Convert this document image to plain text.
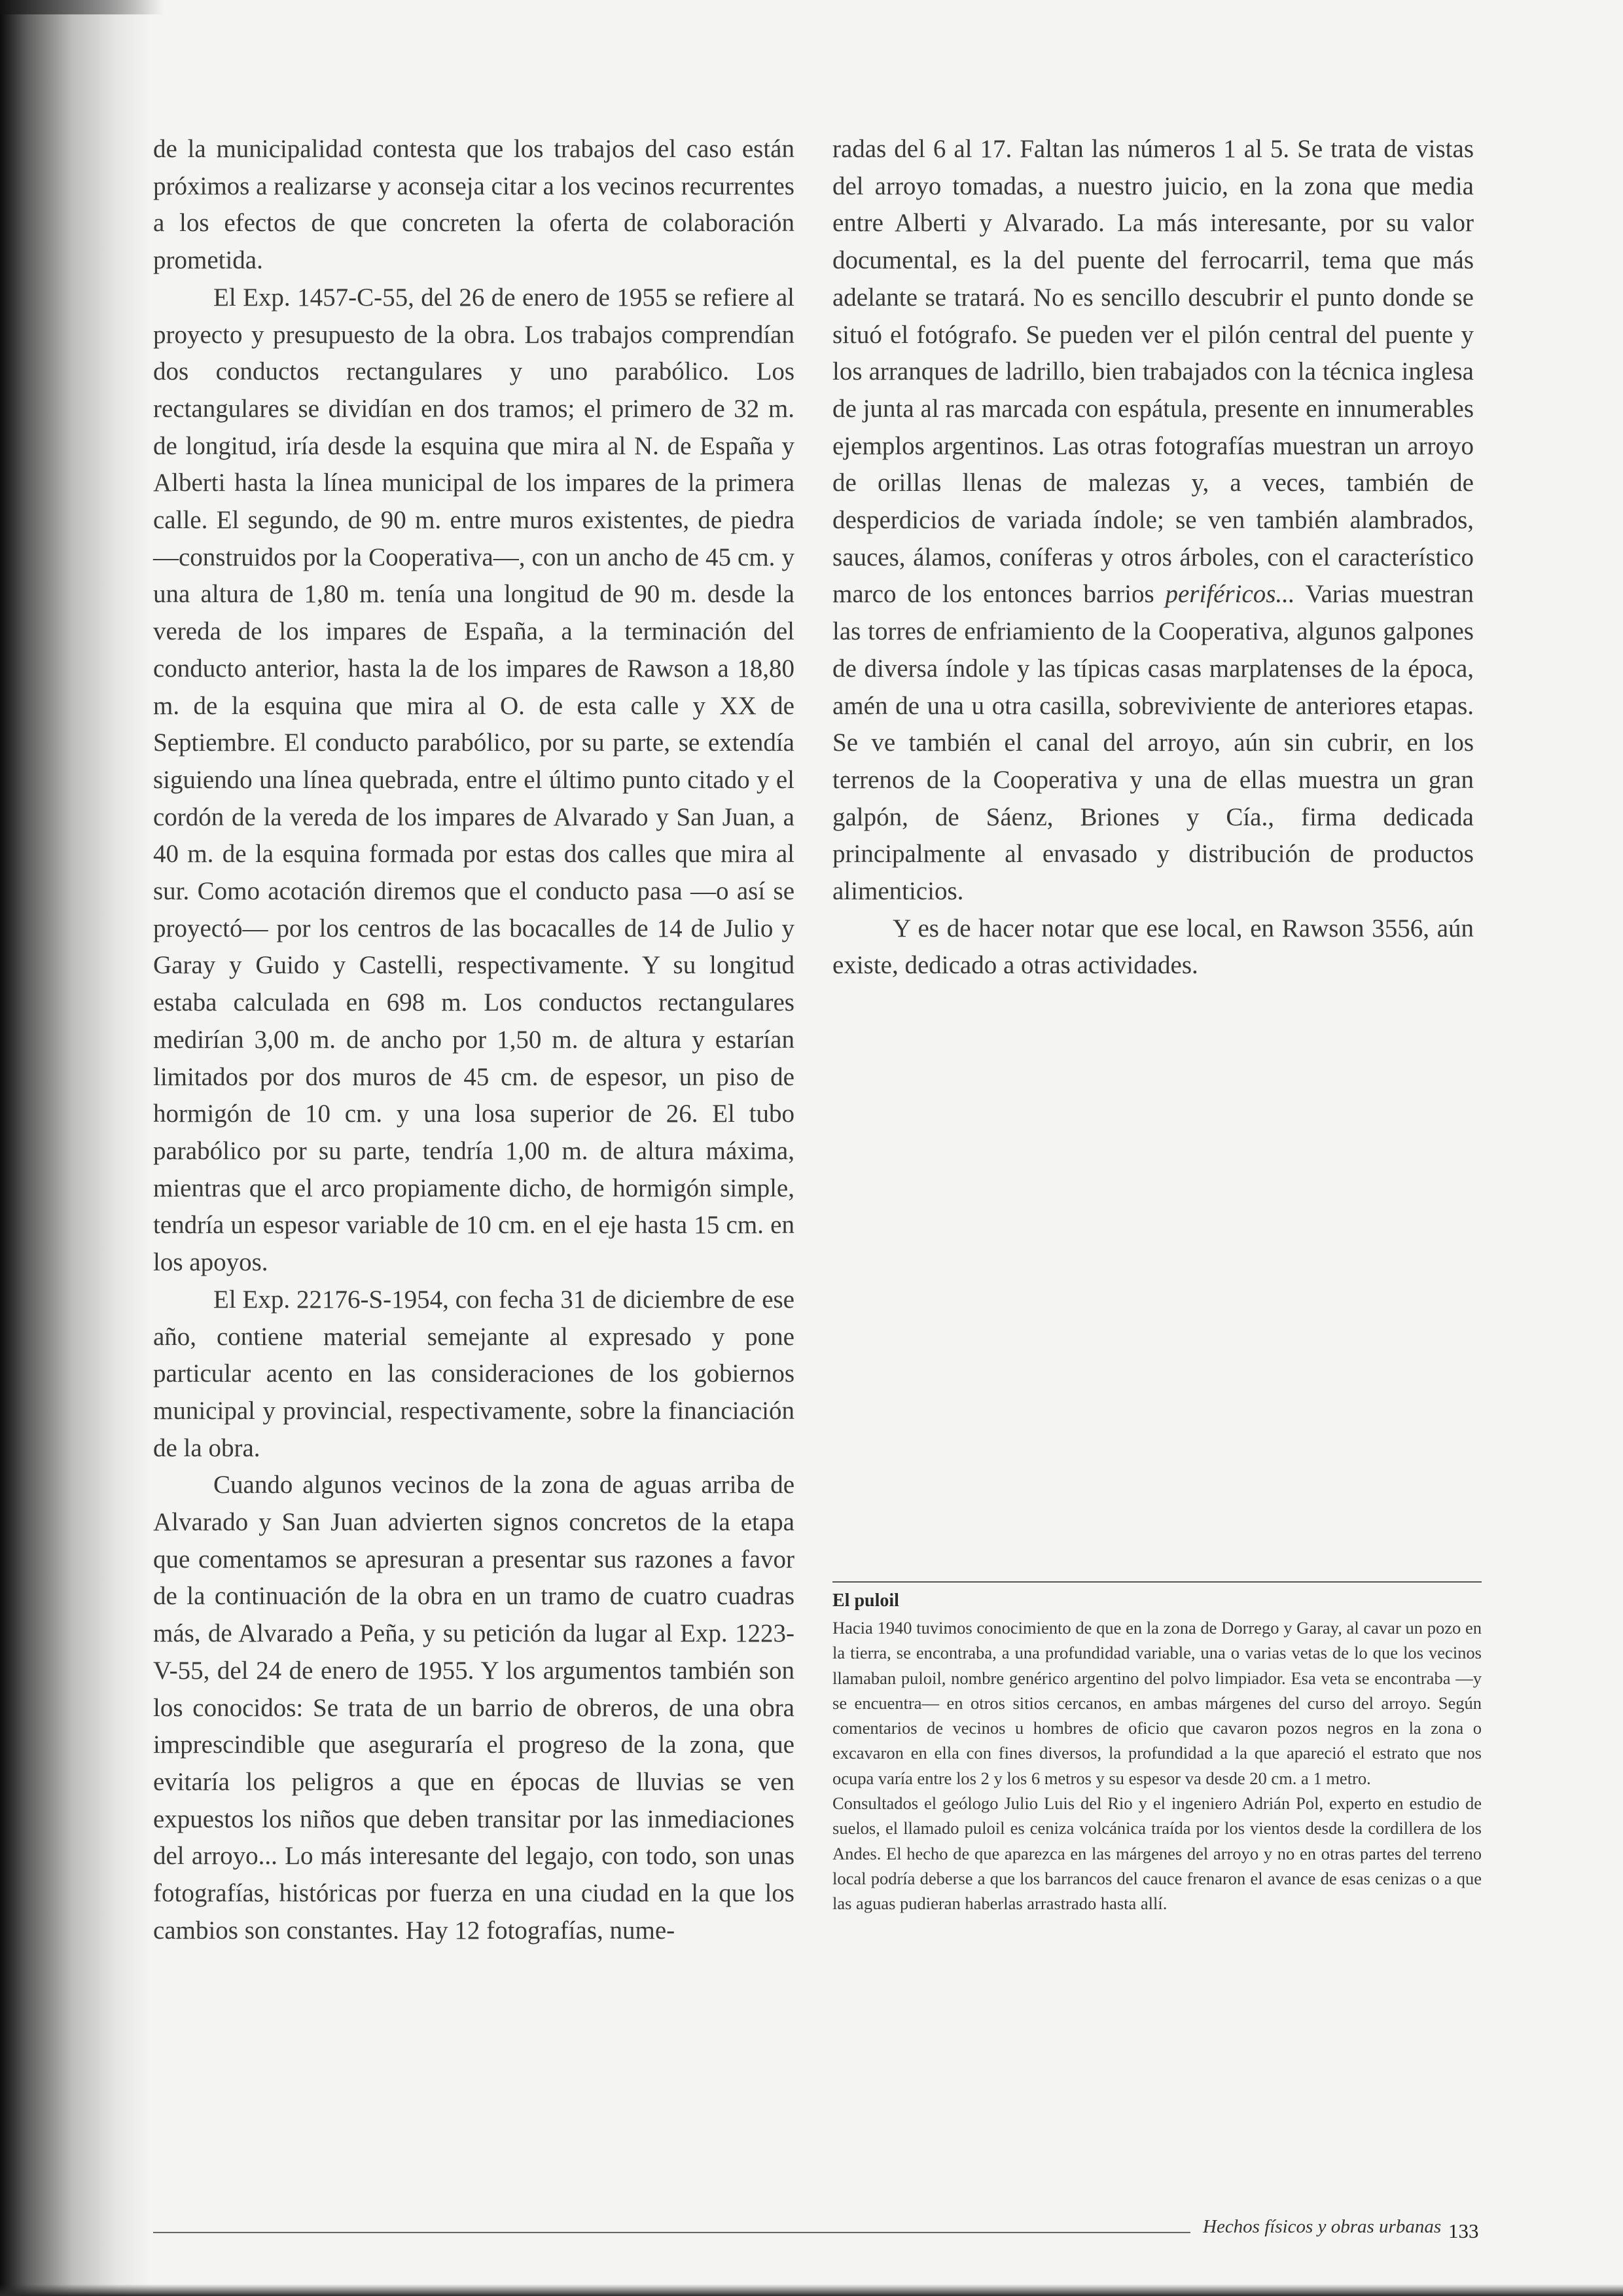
de la municipalidad contesta que los trabajos del caso están próximos a realizarse y aconseja citar a los vecinos recurrentes a los efectos de que concreten la oferta de colaboración prometida.

El Exp. 1457-C-55, del 26 de enero de 1955 se refiere al proyecto y presupuesto de la obra. Los trabajos comprendían dos conductos rectangulares y uno parabólico. Los rectangulares se dividían en dos tramos; el primero de 32 m. de longitud, iría desde la esquina que mira al N. de España y Alberti hasta la línea municipal de los impares de la primera calle. El segundo, de 90 m. entre muros existentes, de piedra —construidos por la Cooperativa—, con un ancho de 45 cm. y una altura de 1,80 m. tenía una longitud de 90 m. desde la vereda de los impares de España, a la terminación del conducto anterior, hasta la de los impares de Rawson a 18,80 m. de la esquina que mira al O. de esta calle y XX de Septiembre. El conducto parabólico, por su parte, se extendía siguiendo una línea quebrada, entre el último punto citado y el cordón de la vereda de los impares de Alvarado y San Juan, a 40 m. de la esquina formada por estas dos calles que mira al sur. Como acotación diremos que el conducto pasa —o así se proyectó— por los centros de las bocacalles de 14 de Julio y Garay y Guido y Castelli, respectivamente. Y su longitud estaba calculada en 698 m. Los conductos rectangulares medirían 3,00 m. de ancho por 1,50 m. de altura y estarían limitados por dos muros de 45 cm. de espesor, un piso de hormigón de 10 cm. y una losa superior de 26. El tubo parabólico por su parte, tendría 1,00 m. de altura máxima, mientras que el arco propiamente dicho, de hormigón simple, tendría un espesor variable de 10 cm. en el eje hasta 15 cm. en los apoyos.

El Exp. 22176-S-1954, con fecha 31 de diciembre de ese año, contiene material semejante al expresado y pone particular acento en las consideraciones de los gobiernos municipal y provincial, respectivamente, sobre la financiación de la obra.

Cuando algunos vecinos de la zona de aguas arriba de Alvarado y San Juan advierten signos concretos de la etapa que comentamos se apresuran a presentar sus razones a favor de la continuación de la obra en un tramo de cuatro cuadras más, de Alvarado a Peña, y su petición da lugar al Exp. 1223-V-55, del 24 de enero de 1955. Y los argumentos también son los conocidos: Se trata de un barrio de obreros, de una obra imprescindible que aseguraría el progreso de la zona, que evitaría los peligros a que en épocas de lluvias se ven expuestos los niños que deben transitar por las inmediaciones del arroyo... Lo más interesante del legajo, con todo, son unas fotografías, históricas por fuerza en una ciudad en la que los cambios son constantes. Hay 12 fotografías, nume-

radas del 6 al 17. Faltan las números 1 al 5. Se trata de vistas del arroyo tomadas, a nuestro juicio, en la zona que media entre Alberti y Alvarado. La más interesante, por su valor documental, es la del puente del ferrocarril, tema que más adelante se tratará. No es sencillo descubrir el punto donde se situó el fotógrafo. Se pueden ver el pilón central del puente y los arranques de ladrillo, bien trabajados con la técnica inglesa de junta al ras marcada con espátula, presente en innumerables ejemplos argentinos. Las otras fotografías muestran un arroyo de orillas llenas de malezas y, a veces, también de desperdicios de variada índole; se ven también alambrados, sauces, álamos, coníferas y otros árboles, con el característico marco de los entonces barrios periféricos... Varias muestran las torres de enfriamiento de la Cooperativa, algunos galpones de diversa índole y las típicas casas marplatenses de la época, amén de una u otra casilla, sobreviviente de anteriores etapas. Se ve también el canal del arroyo, aún sin cubrir, en los terrenos de la Cooperativa y una de ellas muestra un gran galpón, de Sáenz, Briones y Cía., firma dedicada principalmente al envasado y distribución de productos alimenticios.

Y es de hacer notar que ese local, en Rawson 3556, aún existe, dedicado a otras actividades.

El puloil

Hacia 1940 tuvimos conocimiento de que en la zona de Dorrego y Garay, al cavar un pozo en la tierra, se encontraba, a una profundidad variable, una o varias vetas de lo que los vecinos llamaban puloil, nombre genérico argentino del polvo limpiador. Esa veta se encontraba —y se encuentra— en otros sitios cercanos, en ambas márgenes del curso del arroyo. Según comentarios de vecinos u hombres de oficio que cavaron pozos negros en la zona o excavaron en ella con fines diversos, la profundidad a la que apareció el estrato que nos ocupa varía entre los 2 y los 6 metros y su espesor va desde 20 cm. a 1 metro.

Consultados el geólogo Julio Luis del Rio y el ingeniero Adrián Pol, experto en estudio de suelos, el llamado puloil es ceniza volcánica traída por los vientos desde la cordillera de los Andes. El hecho de que aparezca en las márgenes del arroyo y no en otras partes del terreno local podría deberse a que los barrancos del cauce frenaron el avance de esas cenizas o a que las aguas pudieran haberlas arrastrado hasta allí.

Hechos físicos y obras urbanas 133
